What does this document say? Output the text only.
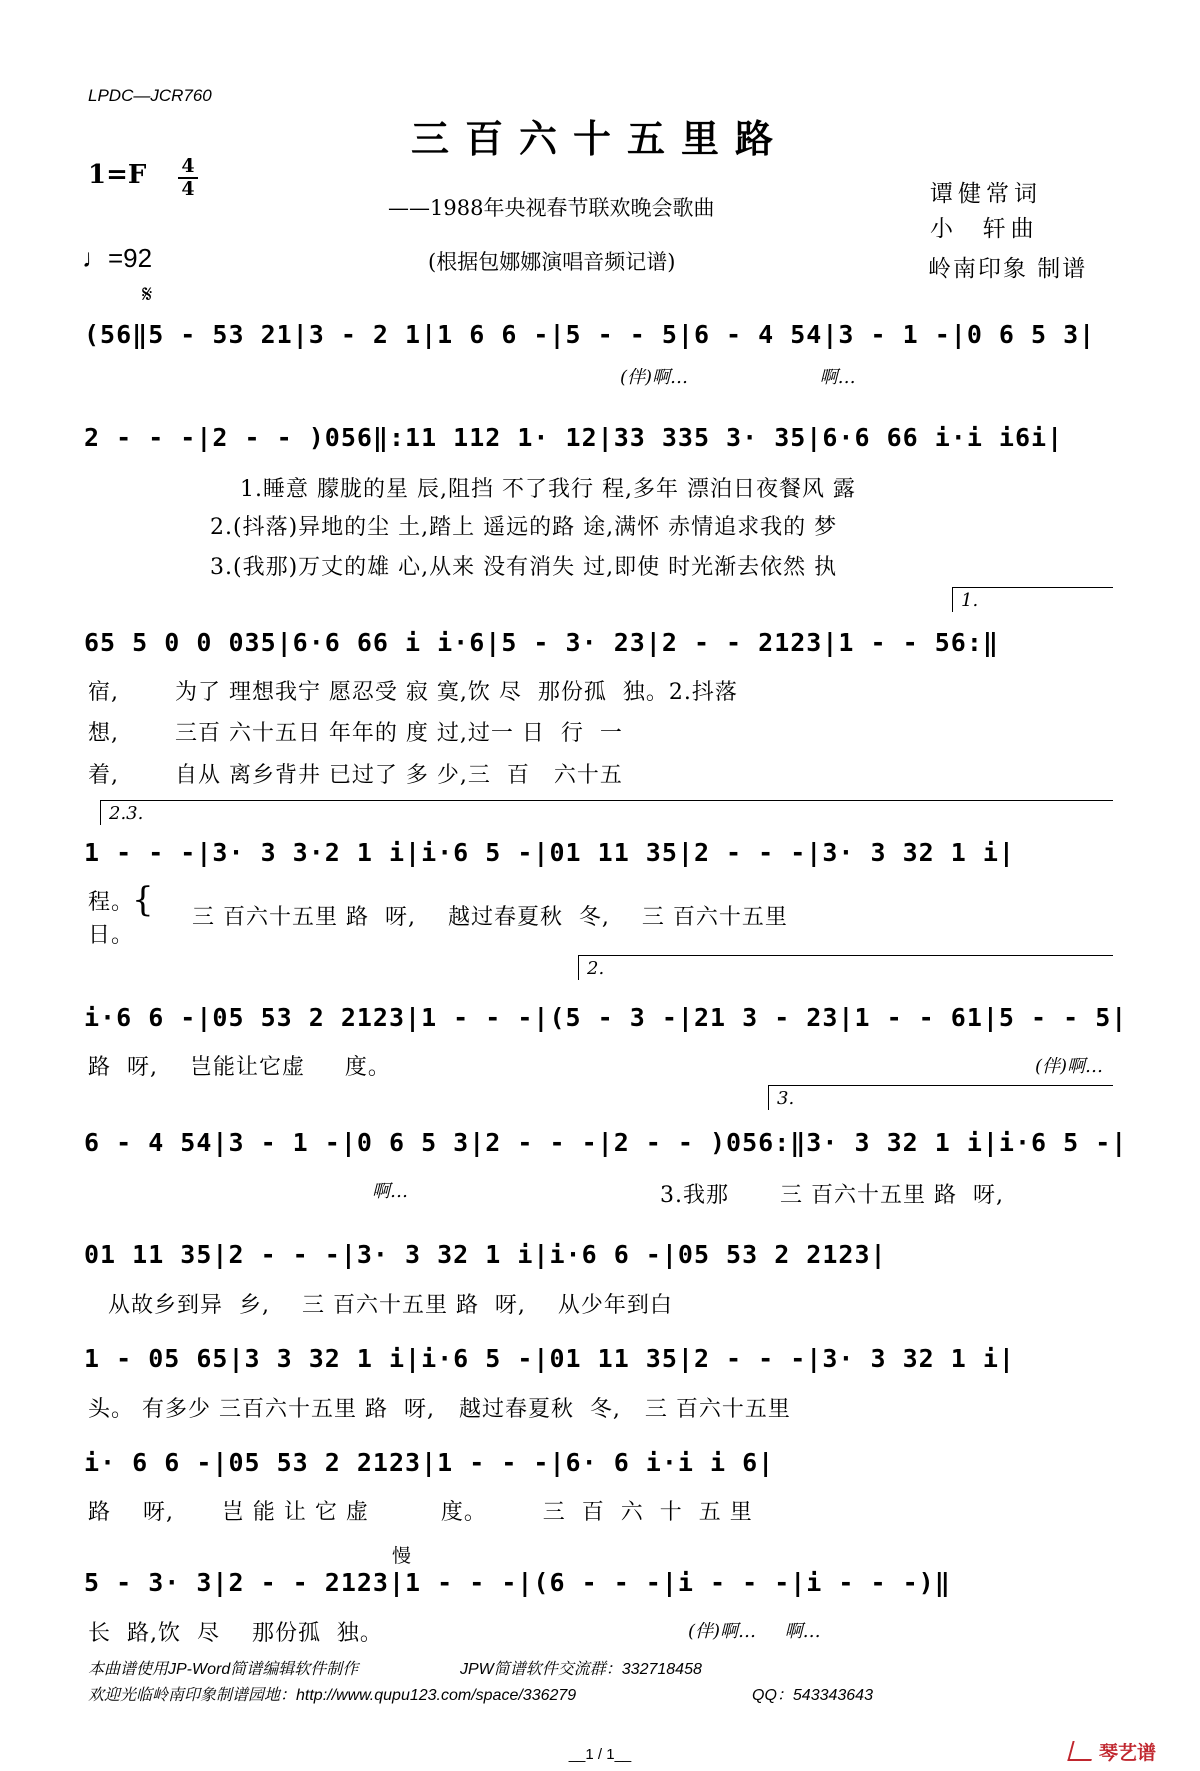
LPDC—JCR760
三百六十五里路
——1988年央视春节联欢晚会歌曲
(根据包娜娜演唱音频记谱)
谭健常词
小  轩曲
岭南印象 制谱
$1=F \frac{4}{4}$
♩=92
𝄋
(56‖5 - 53 21|3 - 2 1|1 6 6 -|5 - - 5|6 - 4 54|3 - 1 -|0 6 5 3|
(伴)啊…                       啊…
2 - - -|2 - - )056‖:11 112 1· 12|33 335 3· 35|6·6 66 i·i i6i|
1.睡意 朦胧的星 辰,阻挡 不了我行 程,多年 漂泊日夜餐风 露
2.(抖落)异地的尘 土,踏上 遥远的路 途,满怀 赤情追求我的 梦
3.(我那)万丈的雄 心,从来 没有消失 过,即使 时光渐去依然 执
1.
65 5 0 0 035|6·6 66 i i·6|5 - 3· 23|2 - - 2123|1 - - 56:‖
宿,       为了 理想我宁 愿忍受 寂 寞,饮 尽  那份孤  独。2.抖落
想,       三百 六十五日 年年的 度 过,过一 日  行  一
着,       自从 离乡背井 已过了 多 少,三  百   六十五
2.3.
1 - - -|3· 3 3·2 1 i|i·6 5 -|01 11 35|2 - - -|3· 3 32 1 i|
程。
日。
{ 三 百六十五里 路  呀,    越过春夏秋  冬,    三 百六十五里
2.
i·6 6 -|05 53 2 2123|1 - - -|(5 - 3 -|21 3 - 23|1 - - 61|5 - - 5|
路  呀,    岂能让它虚     度。	(伴)啊…
3.
6 - 4 54|3 - 1 -|0 6 5 3|2 - - -|2 - - )056:‖3· 3 32 1 i|i·6 5 -|
啊…	3.我那 三 百六十五里 路  呀,
01 11 35|2 - - -|3· 3 32 1 i|i·6 6 -|05 53 2 2123|
从故乡到异  乡,    三 百六十五里 路  呀,    从少年到白
1 - 05 65|3 3 32 1 i|i·6 5 -|01 11 35|2 - - -|3· 3 32 1 i|
头。 有多少 三百六十五里 路  呀,   越过春夏秋  冬,   三 百六十五里
i· 6 6 -|05 53 2 2123|1 - - -|6· 6 i·i i 6|
路    呀,      岂 能 让 它 虚         度。       三  百  六  十  五 里
慢
5 - 3· 3|2 - - 2123|1 - - -|(6 - - -|i - - -|i - - -)‖
长  路,饮  尽    那份孤  独。	(伴)啊…     啊…
本曲谱使用JP-Word简谱编辑软件制作	JPW简谱软件交流群：332718458
欢迎光临岭南印象制谱园地：http://www.qupu123.com/space/336279	QQ：543343643
__1 / 1__	琴艺谱
